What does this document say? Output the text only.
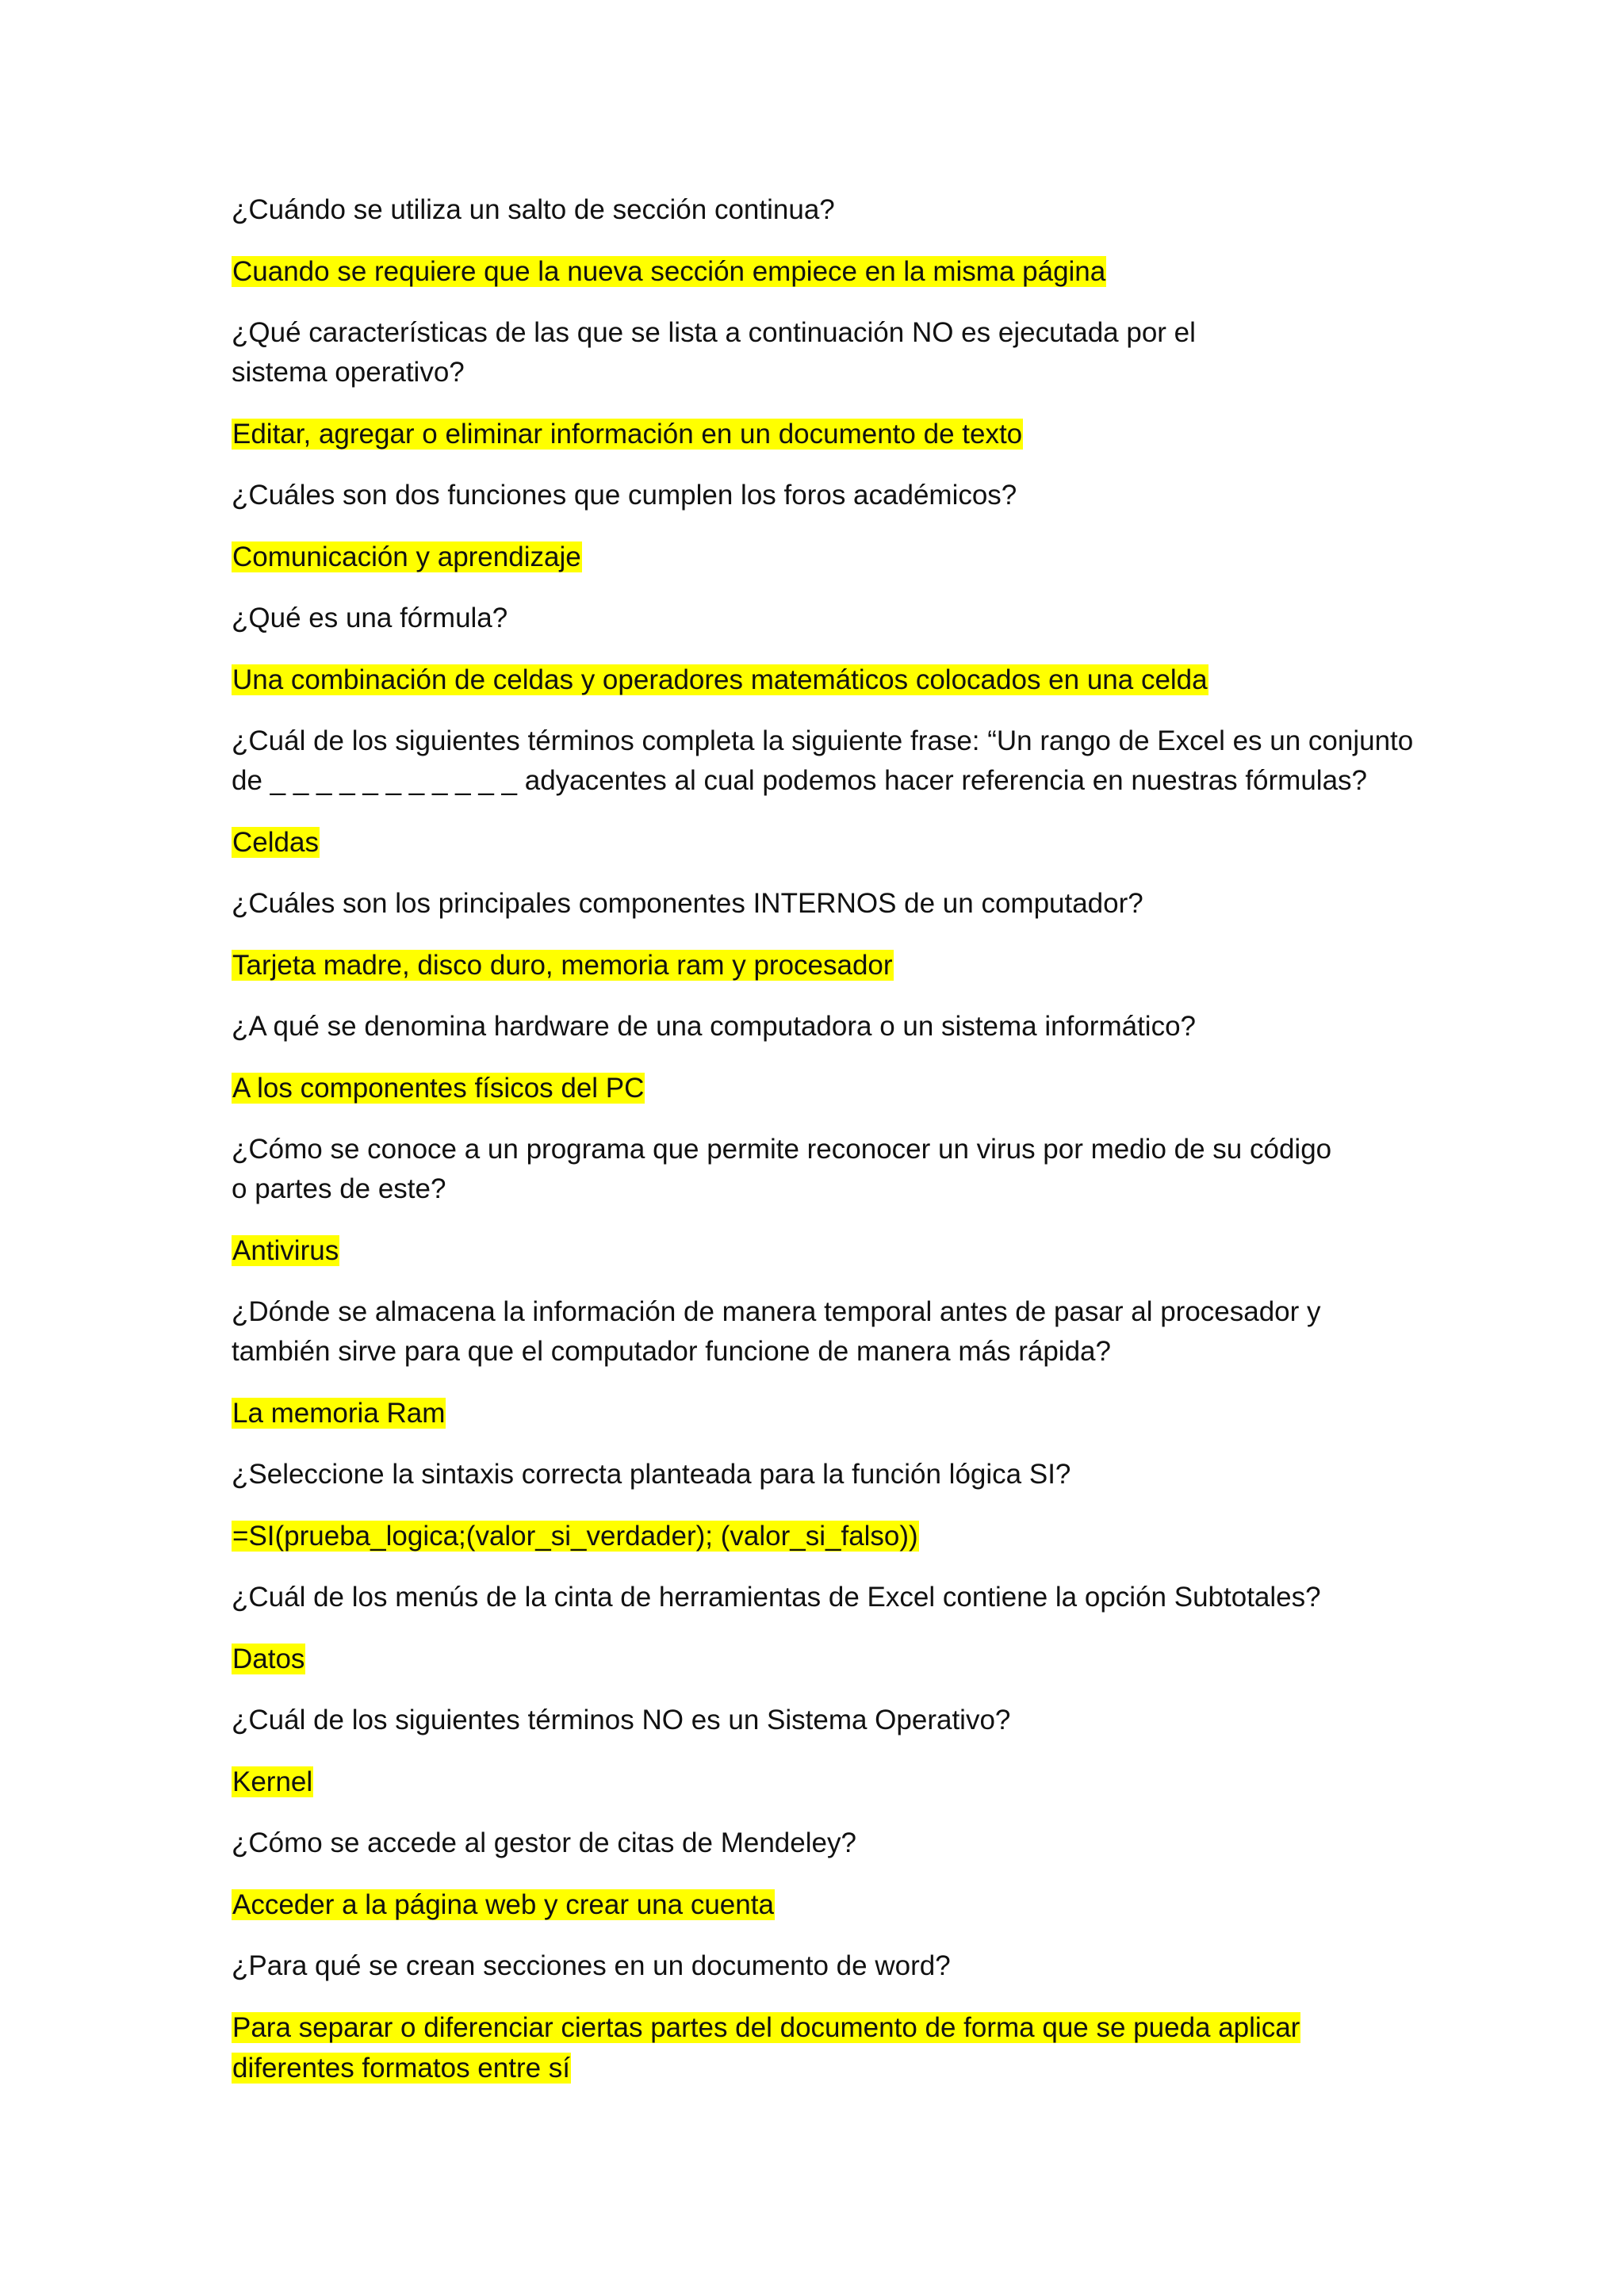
¿Cuándo se utiliza un salto de sección continua?

Cuando se requiere que la nueva sección empiece en la misma página

¿Qué características de las que se lista a continuación NO es ejecutada por el sistema operativo?

Editar, agregar o eliminar información en un documento de texto

¿Cuáles son dos funciones que cumplen los foros académicos?

Comunicación y aprendizaje

¿Qué es una fórmula?

Una combinación de celdas y operadores matemáticos colocados en una celda

¿Cuál de los siguientes términos completa la siguiente frase: “Un rango de Excel es un conjunto de _ _ _ _ _ _ _ _ _ _ _ adyacentes al cual podemos hacer referencia en nuestras fórmulas?

Celdas

¿Cuáles son los principales componentes INTERNOS de un computador?

Tarjeta madre, disco duro, memoria ram y procesador

¿A qué se denomina hardware de una computadora o un sistema informático?

A los componentes físicos del PC

¿Cómo se conoce a un programa que permite reconocer un virus por medio de su código o partes de este?

Antivirus

¿Dónde se almacena la información de manera temporal antes de pasar al procesador y también sirve para que el computador funcione de manera más rápida?

La memoria Ram

¿Seleccione la sintaxis correcta planteada para la función lógica SI?

=SI(prueba_logica;(valor_si_verdader); (valor_si_falso))

¿Cuál de los menús de la cinta de herramientas de Excel contiene la opción Subtotales?

Datos

¿Cuál de los siguientes términos NO es un Sistema Operativo?

Kernel

¿Cómo se accede al gestor de citas de Mendeley?

Acceder a la página web y crear una cuenta

¿Para qué se crean secciones en un documento de word?

Para separar o diferenciar ciertas partes del documento de forma que se pueda aplicar diferentes formatos entre sí
